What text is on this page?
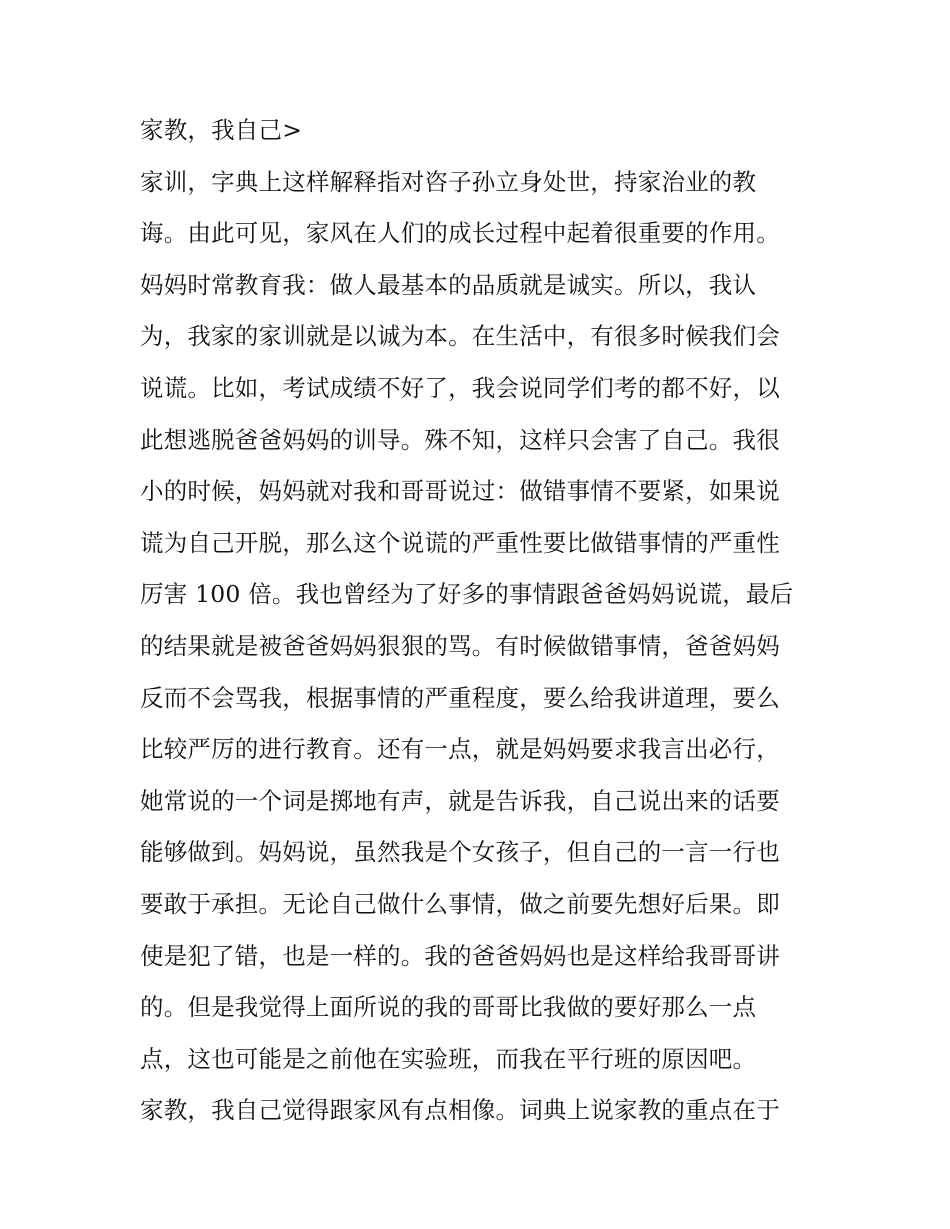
家教，我自己>
家训，字典上这样解释指对咨子孙立身处世，持家治业的教
诲。由此可见，家风在人们的成长过程中起着很重要的作用。
妈妈时常教育我：做人最基本的品质就是诚实。所以，我认
为，我家的家训就是以诚为本。在生活中，有很多时候我们会
说谎。比如，考试成绩不好了，我会说同学们考的都不好，以
此想逃脱爸爸妈妈的训导。殊不知，这样只会害了自己。我很
小的时候，妈妈就对我和哥哥说过：做错事情不要紧，如果说
谎为自己开脱，那么这个说谎的严重性要比做错事情的严重性
厉害 100 倍。我也曾经为了好多的事情跟爸爸妈妈说谎，最后
的结果就是被爸爸妈妈狠狠的骂。有时候做错事情，爸爸妈妈
反而不会骂我，根据事情的严重程度，要么给我讲道理，要么
比较严厉的进行教育。还有一点，就是妈妈要求我言出必行，
她常说的一个词是掷地有声，就是告诉我，自己说出来的话要
能够做到。妈妈说，虽然我是个女孩子，但自己的一言一行也
要敢于承担。无论自己做什么事情，做之前要先想好后果。即
使是犯了错，也是一样的。我的爸爸妈妈也是这样给我哥哥讲
的。但是我觉得上面所说的我的哥哥比我做的要好那么一点
点，这也可能是之前他在实验班，而我在平行班的原因吧。
家教，我自己觉得跟家风有点相像。词典上说家教的重点在于
